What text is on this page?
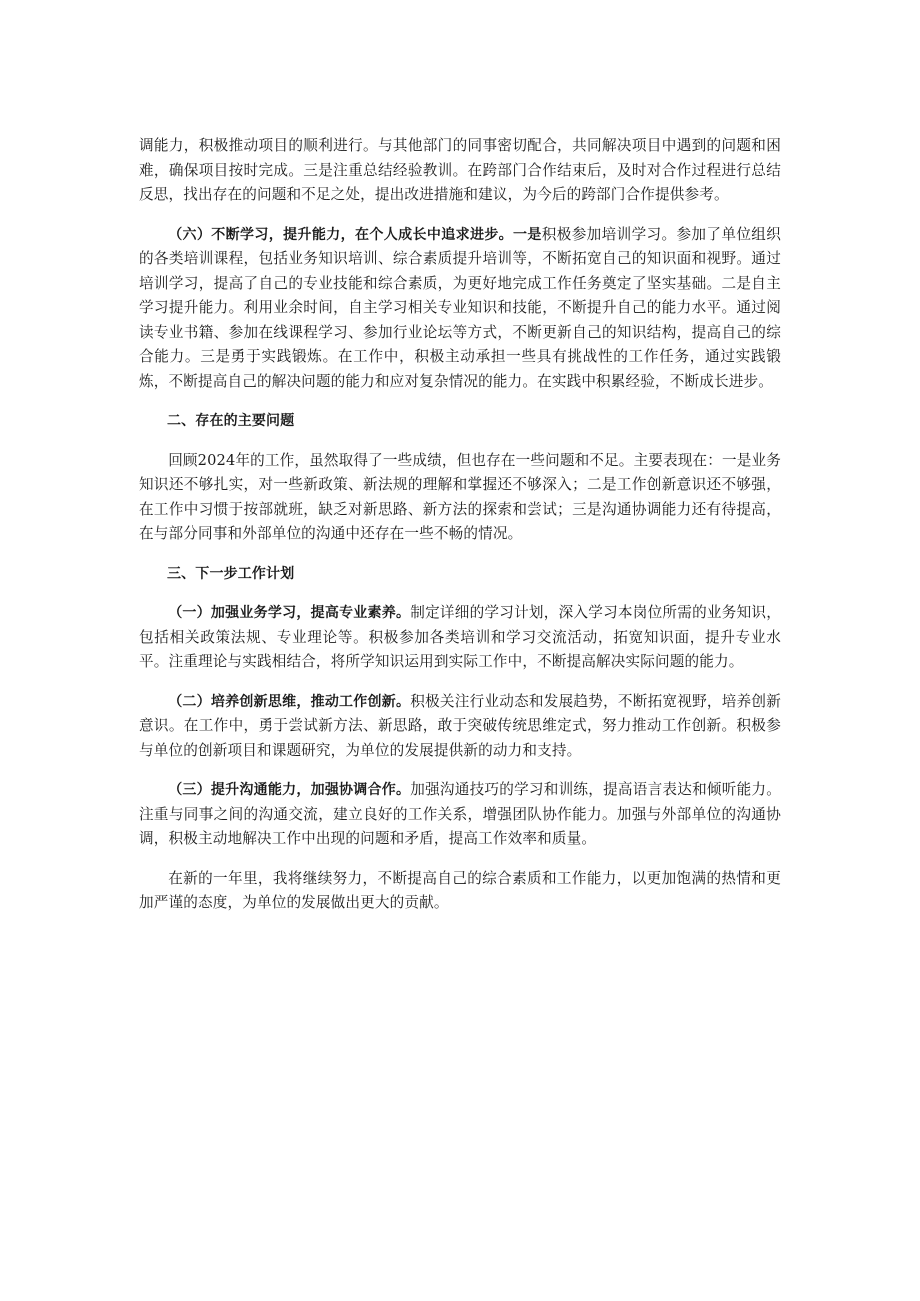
调能力，积极推动项目的顺利进行。与其他部门的同事密切配合，共同解决项目中遇到的问题和困难，确保项目按时完成。三是注重总结经验教训。在跨部门合作结束后，及时对合作过程进行总结反思，找出存在的问题和不足之处，提出改进措施和建议，为今后的跨部门合作提供参考。

（六）不断学习，提升能力，在个人成长中追求进步。一是积极参加培训学习。参加了单位组织的各类培训课程，包括业务知识培训、综合素质提升培训等，不断拓宽自己的知识面和视野。通过培训学习，提高了自己的专业技能和综合素质，为更好地完成工作任务奠定了坚实基础。二是自主学习提升能力。利用业余时间，自主学习相关专业知识和技能，不断提升自己的能力水平。通过阅读专业书籍、参加在线课程学习、参加行业论坛等方式，不断更新自己的知识结构，提高自己的综合能力。三是勇于实践锻炼。在工作中，积极主动承担一些具有挑战性的工作任务，通过实践锻炼，不断提高自己的解决问题的能力和应对复杂情况的能力。在实践中积累经验，不断成长进步。

二、存在的主要问题

回顾2024年的工作，虽然取得了一些成绩，但也存在一些问题和不足。主要表现在：一是业务知识还不够扎实，对一些新政策、新法规的理解和掌握还不够深入；二是工作创新意识还不够强，在工作中习惯于按部就班，缺乏对新思路、新方法的探索和尝试；三是沟通协调能力还有待提高，在与部分同事和外部单位的沟通中还存在一些不畅的情况。

三、下一步工作计划

（一）加强业务学习，提高专业素养。制定详细的学习计划，深入学习本岗位所需的业务知识，包括相关政策法规、专业理论等。积极参加各类培训和学习交流活动，拓宽知识面，提升专业水平。注重理论与实践相结合，将所学知识运用到实际工作中，不断提高解决实际问题的能力。

（二）培养创新思维，推动工作创新。积极关注行业动态和发展趋势，不断拓宽视野，培养创新意识。在工作中，勇于尝试新方法、新思路，敢于突破传统思维定式，努力推动工作创新。积极参与单位的创新项目和课题研究，为单位的发展提供新的动力和支持。

（三）提升沟通能力，加强协调合作。加强沟通技巧的学习和训练，提高语言表达和倾听能力。注重与同事之间的沟通交流，建立良好的工作关系，增强团队协作能力。加强与外部单位的沟通协调，积极主动地解决工作中出现的问题和矛盾，提高工作效率和质量。

在新的一年里，我将继续努力，不断提高自己的综合素质和工作能力，以更加饱满的热情和更加严谨的态度，为单位的发展做出更大的贡献。
